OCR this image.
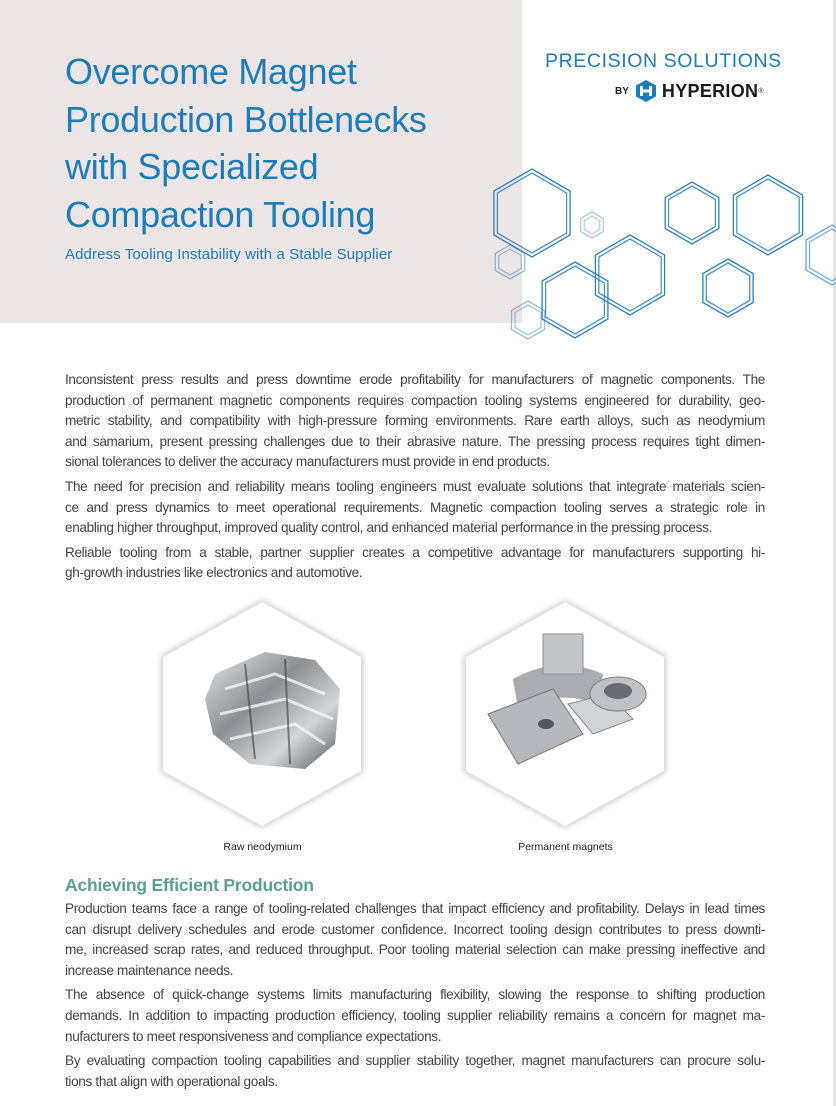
Overcome Magnet
Production Bottlenecks
with Specialized
Compaction Tooling
Address Tooling Instability with a Stable Supplier
PRECISION SOLUTIONS
BY HYPERION ®
Inconsistent press results and press downtime erode profitability for manufacturers of magnetic components. The
production of permanent magnetic components requires compaction tooling systems engineered for durability, geo-
metric stability, and compatibility with high-pressure forming environments. Rare earth alloys, such as neodymium
and samarium, present pressing challenges due to their abrasive nature. The pressing process requires tight dimen-
sional tolerances to deliver the accuracy manufacturers must provide in end products.
The need for precision and reliability means tooling engineers must evaluate solutions that integrate materials scien-
ce and press dynamics to meet operational requirements. Magnetic compaction tooling serves a strategic role in
enabling higher throughput, improved quality control, and enhanced material performance in the pressing process.
Reliable tooling from a stable, partner supplier creates a competitive advantage for manufacturers supporting hi-
gh-growth industries like electronics and automotive.
Raw neodymium	Permanent magnets
Achieving Efficient Production
Production teams face a range of tooling-related challenges that impact efficiency and profitability. Delays in lead times
can disrupt delivery schedules and erode customer confidence. Incorrect tooling design contributes to press downti-
me, increased scrap rates, and reduced throughput. Poor tooling material selection can make pressing ineffective and
increase maintenance needs.
The absence of quick-change systems limits manufacturing flexibility, slowing the response to shifting production
demands. In addition to impacting production efficiency, tooling supplier reliability remains a concern for magnet ma-
nufacturers to meet responsiveness and compliance expectations.
By evaluating compaction tooling capabilities and supplier stability together, magnet manufacturers can procure solu-
tions that align with operational goals.
